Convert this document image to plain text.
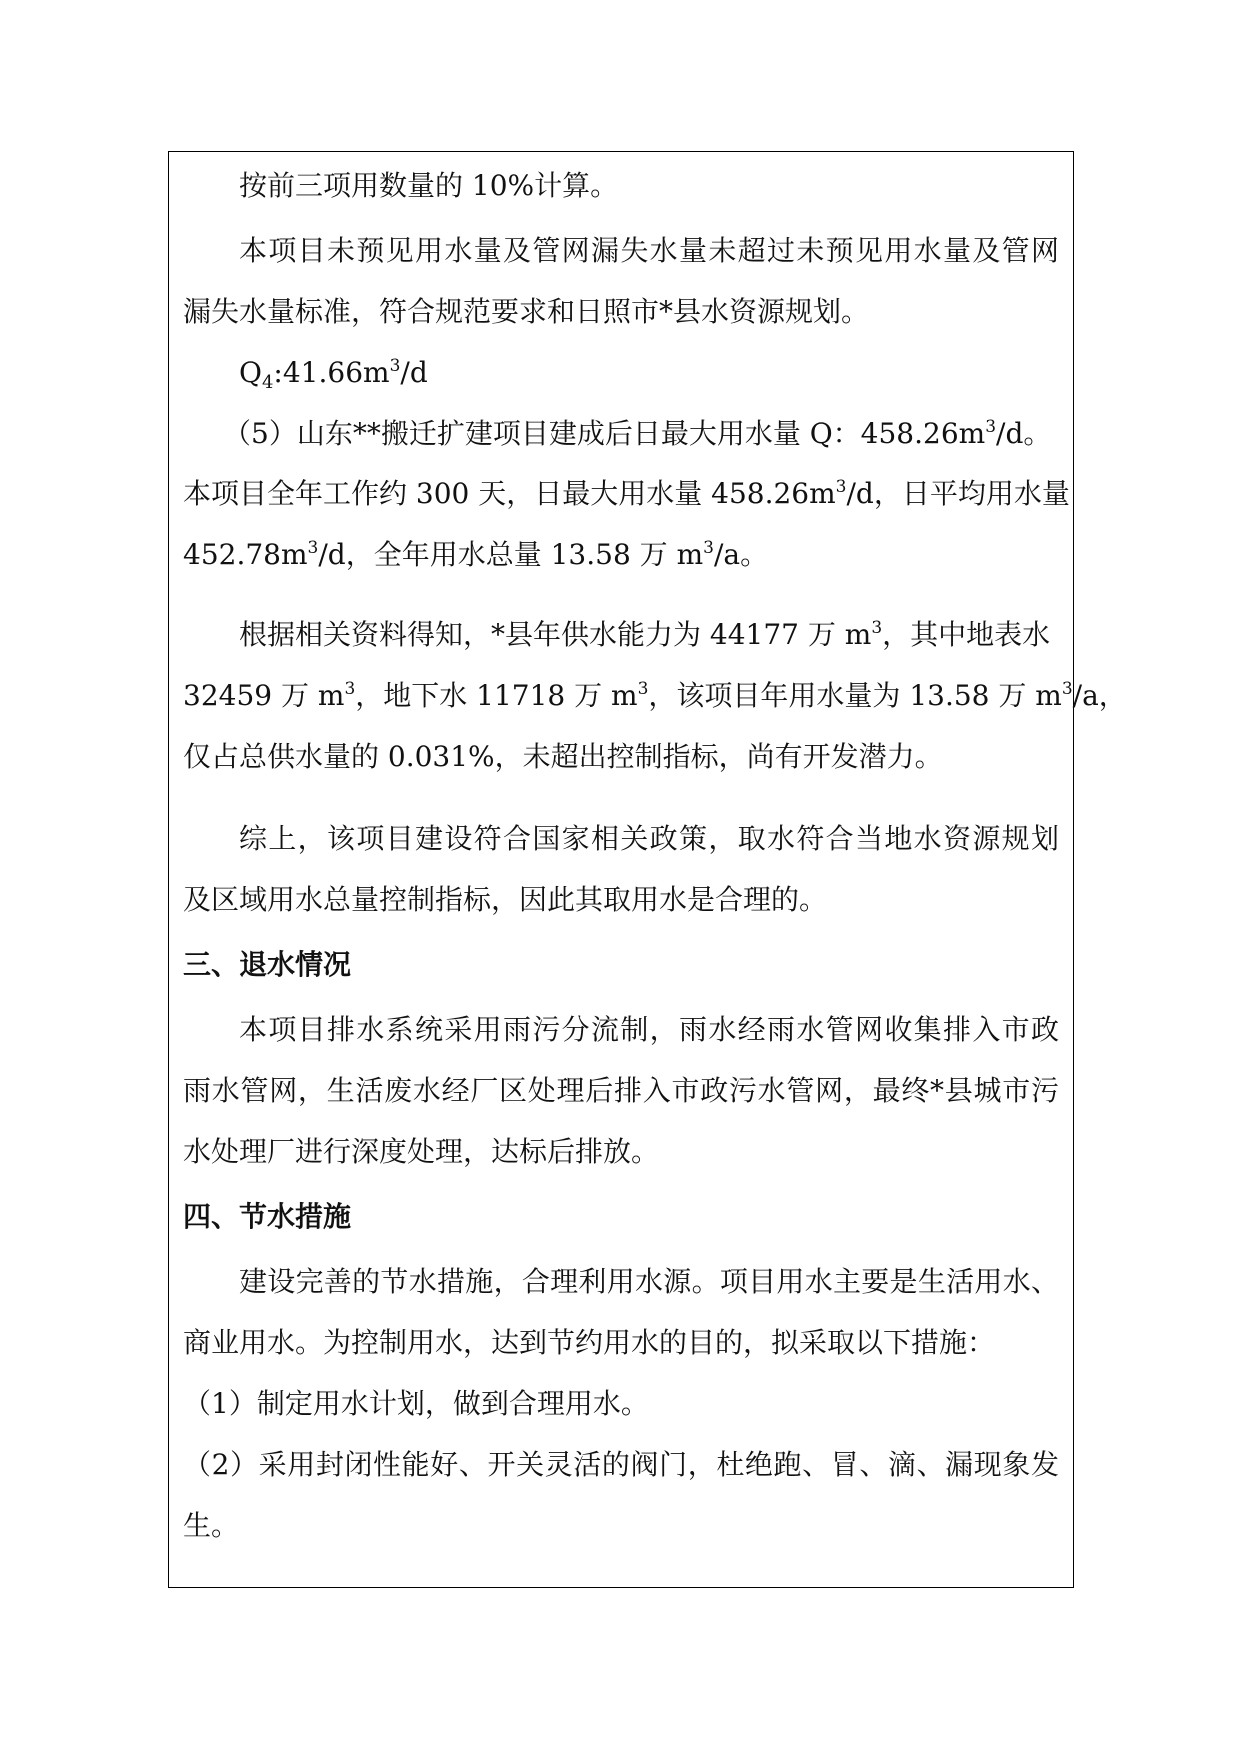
按前三项用数量的 10%计算。
本项目未预见用水量及管网漏失水量未超过未预见用水量及管网
漏失水量标准，符合规范要求和日照市*县水资源规划。
$Q_4:41.66m^3/d$
（5）山东**搬迁扩建项目建成后日最大用水量 Q：$458.26m^3/d$。
本项目全年工作约 300 天，日最大用水量 $458.26m^3/d$，日平均用水量
$452.78m^3/d$，全年用水总量 13.58 万 $m^3/a$。
根据相关资料得知，*县年供水能力为 44177 万 $m^3$，其中地表水
32459 万 $m^3$，地下水 11718 万 $m^3$，该项目年用水量为 13.58 万 $m^3/a$，
仅占总供水量的 0.031%，未超出控制指标，尚有开发潜力。
综上，该项目建设符合国家相关政策，取水符合当地水资源规划
及区域用水总量控制指标，因此其取用水是合理的。
三、退水情况
本项目排水系统采用雨污分流制，雨水经雨水管网收集排入市政
雨水管网，生活废水经厂区处理后排入市政污水管网，最终*县城市污
水处理厂进行深度处理，达标后排放。
四、节水措施
建设完善的节水措施，合理利用水源。项目用水主要是生活用水、
商业用水。为控制用水，达到节约用水的目的，拟采取以下措施：
（1）制定用水计划，做到合理用水。
（2）采用封闭性能好、开关灵活的阀门，杜绝跑、冒、滴、漏现象发
生。
